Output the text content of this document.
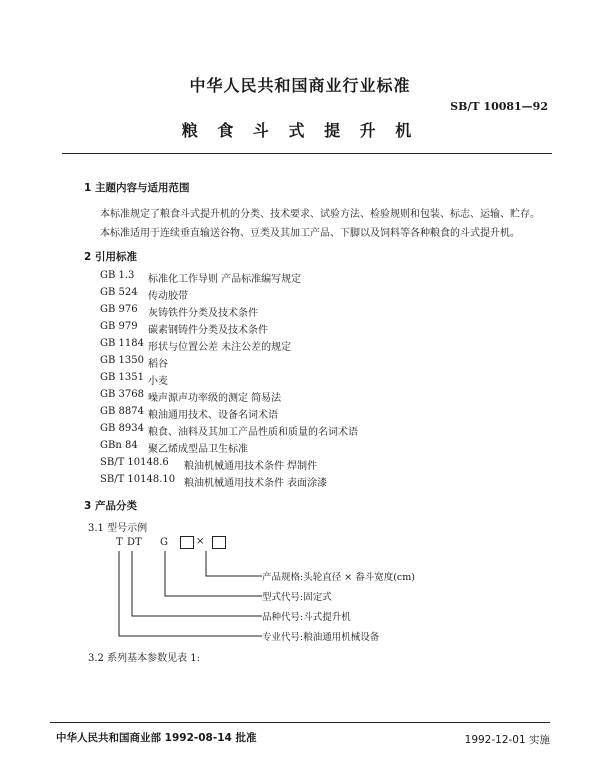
中华人民共和国商业行业标准
SB/T 10081—92
粮 食 斗 式 提 升 机
1 主题内容与适用范围
本标准规定了粮食斗式提升机的分类、技术要求、试验方法、检验规则和包装、标志、运输、贮存。
本标准适用于连续垂直输送谷物、豆类及其加工产品、下脚以及饲料等各种粮食的斗式提升机。
2 引用标准
GB 1.3 标准化工作导则 产品标准编写规定
GB 524 传动胶带
GB 976 灰铸铁件分类及技术条件
GB 979 碳素钢铸件分类及技术条件
GB 1184 形状与位置公差 未注公差的规定
GB 1350 稻谷
GB 1351 小麦
GB 3768 噪声源声功率级的测定 简易法
GB 8874 粮油通用技术、设备名词术语
GB 8934 粮食、油料及其加工产品性质和质量的名词术语
GBn 84 聚乙烯成型品卫生标准
SB/T 10148.6 粮油机械通用技术条件 焊制件
SB/T 10148.10 粮油机械通用技术条件 表面涂漆
3 产品分类
3.1 型号示例
T DT G	×
产品规格:头轮直径 × 畚斗宽度(cm)
型式代号:固定式
品种代号:斗式提升机
专业代号:粮油通用机械设备
3.2 系列基本参数见表 1:
中华人民共和国商业部 1992-08-14 批准	1992-12-01 实施
